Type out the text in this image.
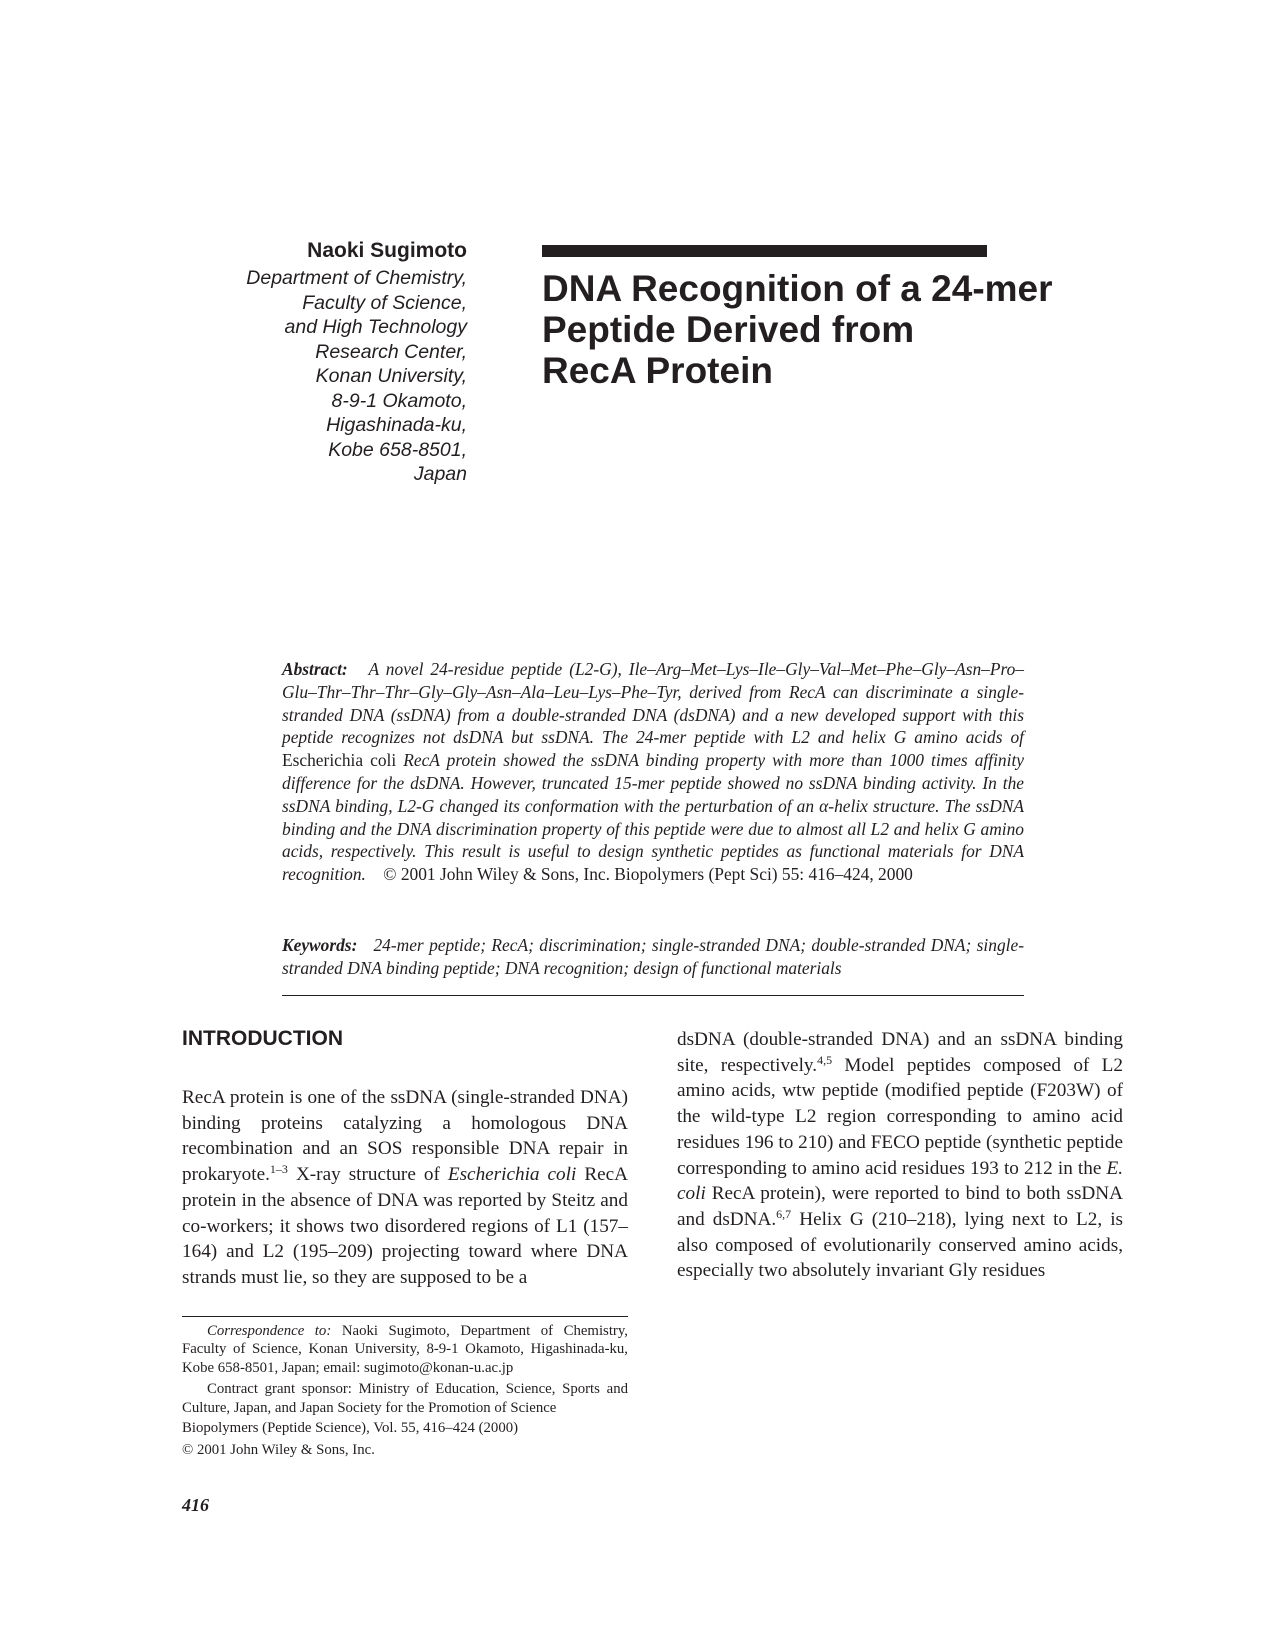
Naoki Sugimoto
Department of Chemistry,
Faculty of Science,
and High Technology
Research Center,
Konan University,
8-9-1 Okamoto,
Higashinada-ku,
Kobe 658-8501,
Japan
DNA Recognition of a 24-mer
Peptide Derived from
RecA Protein

Abstract: A novel 24-residue peptide (L2-G), Ile–Arg–Met–Lys–Ile–Gly–Val–Met–Phe–Gly–Asn–Pro–Glu–Thr–Thr–Thr–Gly–Gly–Asn–Ala–Leu–Lys–Phe–Tyr, derived from RecA can discriminate a single-stranded DNA (ssDNA) from a double-stranded DNA (dsDNA) and a new developed support with this peptide recognizes not dsDNA but ssDNA. The 24-mer peptide with L2 and helix G amino acids of Escherichia coli RecA protein showed the ssDNA binding property with more than 1000 times affinity difference for the dsDNA. However, truncated 15-mer peptide showed no ssDNA binding activity. In the ssDNA binding, L2-G changed its conformation with the perturbation of an α-helix structure. The ssDNA binding and the DNA discrimination property of this peptide were due to almost all L2 and helix G amino acids, respectively. This result is useful to design synthetic peptides as functional materials for DNA recognition. © 2001 John Wiley & Sons, Inc. Biopolymers (Pept Sci) 55: 416–424, 2000

Keywords: 24-mer peptide; RecA; discrimination; single-stranded DNA; double-stranded DNA; single-stranded DNA binding peptide; DNA recognition; design of functional materials

INTRODUCTION

RecA protein is one of the ssDNA (single-stranded DNA) binding proteins catalyzing a homologous DNA recombination and an SOS responsible DNA repair in prokaryote.$^{1-3}$ X-ray structure of Escherichia coli RecA protein in the absence of DNA was reported by Steitz and co-workers; it shows two disordered regions of L1 (157–164) and L2 (195–209) projecting toward where DNA strands must lie, so they are supposed to be a

dsDNA (double-stranded DNA) and an ssDNA binding site, respectively.$^{4,5}$ Model peptides composed of L2 amino acids, wtw peptide (modified peptide (F203W) of the wild-type L2 region corresponding to amino acid residues 196 to 210) and FECO peptide (synthetic peptide corresponding to amino acid residues 193 to 212 in the E. coli RecA protein), were reported to bind to both ssDNA and dsDNA.$^{6,7}$ Helix G (210–218), lying next to L2, is also composed of evolutionarily conserved amino acids, especially two absolutely invariant Gly residues

Correspondence to: Naoki Sugimoto, Department of Chemistry, Faculty of Science, Konan University, 8-9-1 Okamoto, Higashinada-ku, Kobe 658-8501, Japan; email: sugimoto@konan-u.ac.jp

Contract grant sponsor: Ministry of Education, Science, Sports and Culture, Japan, and Japan Society for the Promotion of Science

Biopolymers (Peptide Science), Vol. 55, 416–424 (2000)

© 2001 John Wiley & Sons, Inc.

416
